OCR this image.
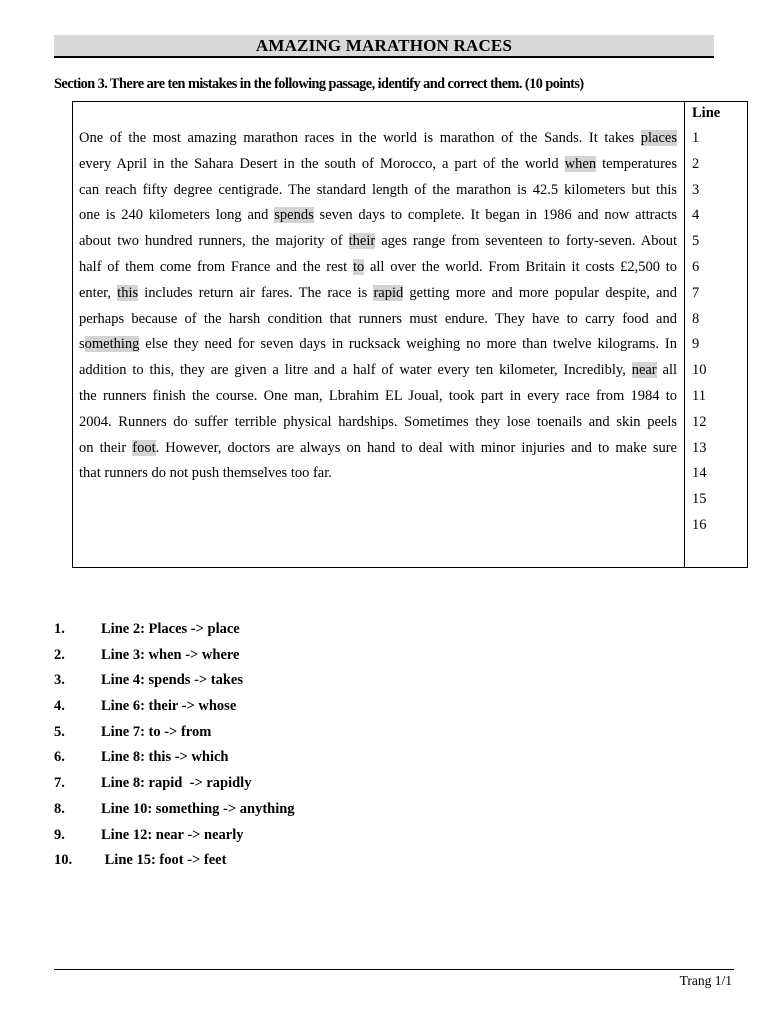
AMAZING MARATHON RACES
Section 3. There are ten mistakes in the following passage, identify and correct them. (10 points)
Line
One of the most amazing marathon races in the world is marathon of the Sands. It takes places
every April in the Sahara Desert in the south of Morocco, a part of the world when temperatures
can reach fifty degree centigrade. The standard length of the marathon is 42.5 kilometers but this
one is 240 kilometers long and spends seven days to complete. It began in 1986 and now attracts
about two hundred runners, the majority of their ages range from seventeen to forty-seven. About
half of them come from France and the rest to all over the world. From Britain it costs £2,500 to
enter, this includes return air fares. The race is rapid getting more and more popular despite, and
perhaps because of the harsh condition that runners must endure. They have to carry food and
something else they need for seven days in rucksack weighing no more than twelve kilograms. In
addition to this, they are given a litre and a half of water every ten kilometer, Incredibly, near all
the runners finish the course. One man, Lbrahim EL Joual, took part in every race from 1984 to
2004. Runners do suffer terrible physical hardships. Sometimes they lose toenails and skin peels
on their foot. However, doctors are always on hand to deal with minor injuries and to make sure
that runners do not push themselves too far.
1
2
3
4
5
6
7
8
9
10
11
12
13
14
15
16
1. Line 2: Places -> place
2. Line 3: when -> where
3. Line 4: spends -> takes
4. Line 6: their -> whose
5. Line 7: to -> from
6. Line 8: this -> which
7. Line 8: rapid  -> rapidly
8. Line 10: something -> anything
9. Line 12: near -> nearly
10. Line 15: foot -> feet
Trang 1/1
